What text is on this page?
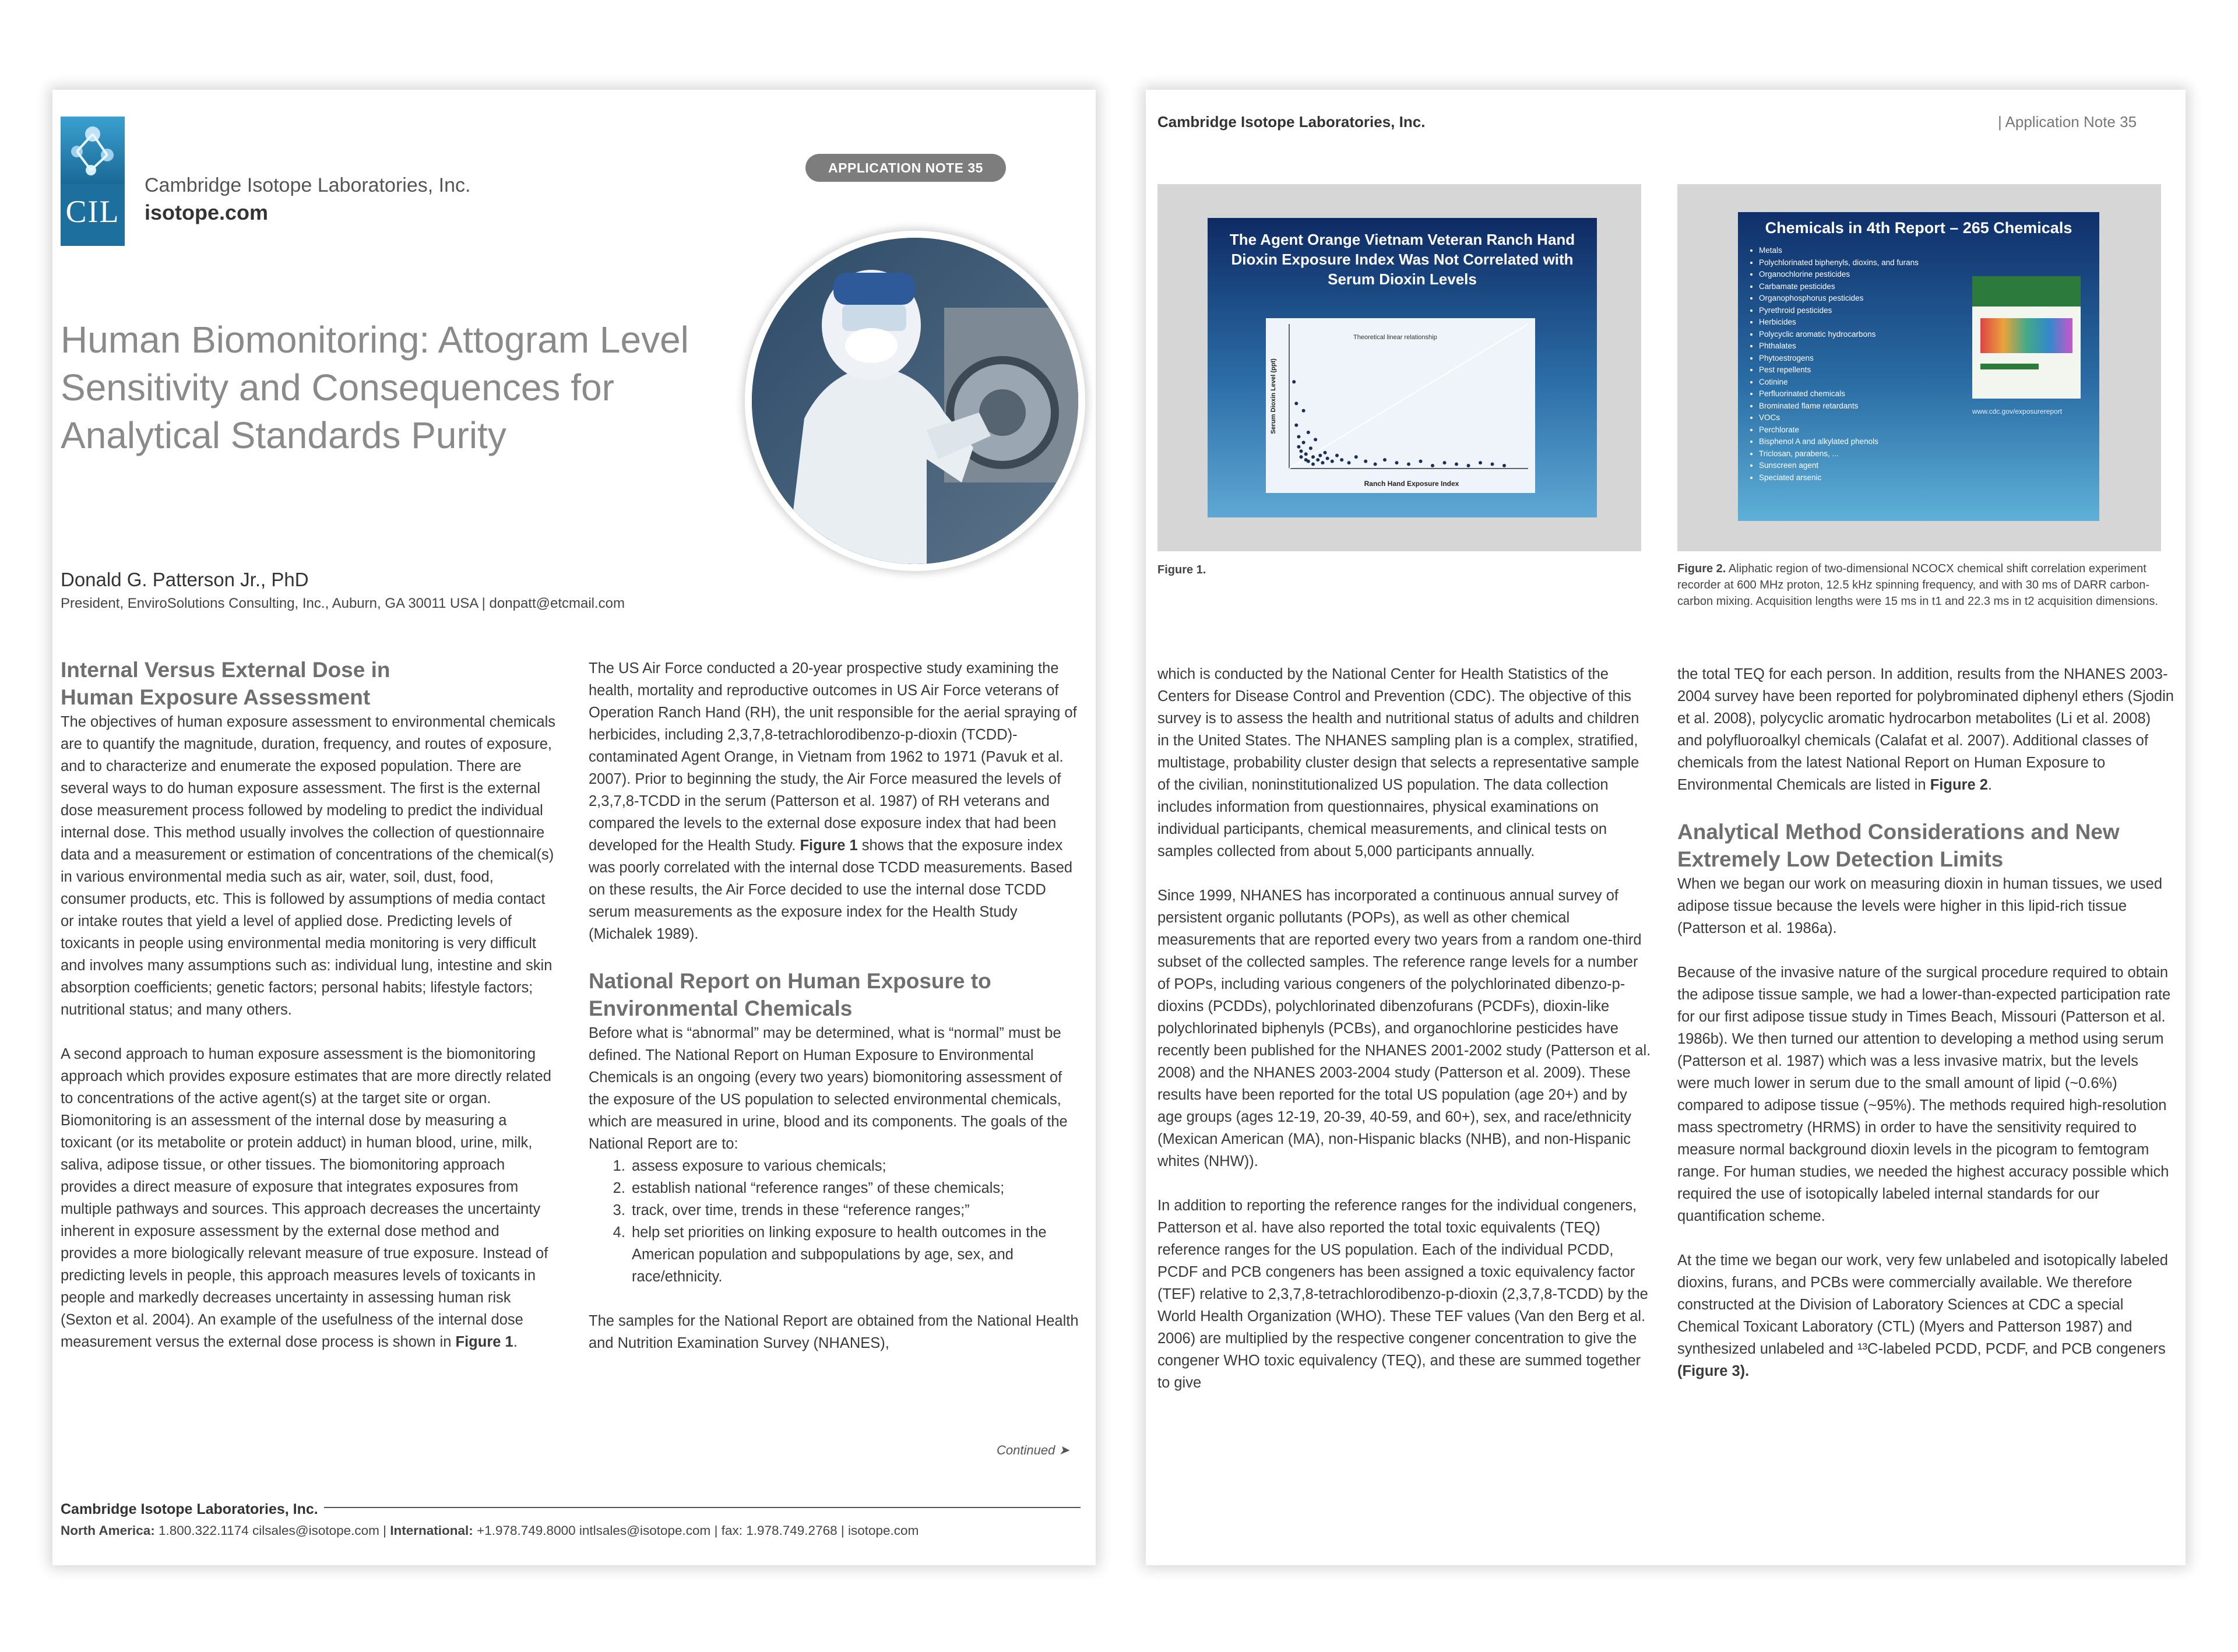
CIL
Cambridge Isotope Laboratories, Inc.
isotope.com
APPLICATION NOTE 35
Human Biomonitoring: Attogram Level Sensitivity and Consequences for Analytical Standards Purity
Donald G. Patterson Jr., PhD
President, EnviroSolutions Consulting, Inc., Auburn, GA 30011 USA | donpatt@etcmail.com
Internal Versus External Dose in Human Exposure Assessment

The objectives of human exposure assessment to environmental chemicals are to quantify the magnitude, duration, frequency, and routes of exposure, and to characterize and enumerate the exposed population. There are several ways to do human exposure assessment. The first is the external dose measurement process followed by modeling to predict the individual internal dose. This method usually involves the collection of questionnaire data and a measurement or estimation of concentrations of the chemical(s) in various environmental media such as air, water, soil, dust, food, consumer products, etc. This is followed by assumptions of media contact or intake routes that yield a level of applied dose. Predicting levels of toxicants in people using environmental media monitoring is very difficult and involves many assumptions such as: individual lung, intestine and skin absorption coefficients; genetic factors; personal habits; lifestyle factors; nutritional status; and many others.

A second approach to human exposure assessment is the biomonitoring approach which provides exposure estimates that are more directly related to concentrations of the active agent(s) at the target site or organ. Biomonitoring is an assessment of the internal dose by measuring a toxicant (or its metabolite or protein adduct) in human blood, urine, milk, saliva, adipose tissue, or other tissues. The biomonitoring approach provides a direct measure of exposure that integrates exposures from multiple pathways and sources. This approach decreases the uncertainty inherent in exposure assessment by the external dose method and provides a more biologically relevant measure of true exposure. Instead of predicting levels in people, this approach measures levels of toxicants in people and markedly decreases uncertainty in assessing human risk (Sexton et al. 2004). An example of the usefulness of the internal dose measurement versus the external dose process is shown in Figure 1.

The US Air Force conducted a 20-year prospective study examining the health, mortality and reproductive outcomes in US Air Force veterans of Operation Ranch Hand (RH), the unit responsible for the aerial spraying of herbicides, including 2,3,7,8-tetrachlorodibenzo-p-dioxin (TCDD)-contaminated Agent Orange, in Vietnam from 1962 to 1971 (Pavuk et al. 2007). Prior to beginning the study, the Air Force measured the levels of 2,3,7,8-TCDD in the serum (Patterson et al. 1987) of RH veterans and compared the levels to the external dose exposure index that had been developed for the Health Study. Figure 1 shows that the exposure index was poorly correlated with the internal dose TCDD measurements. Based on these results, the Air Force decided to use the internal dose TCDD serum measurements as the exposure index for the Health Study (Michalek 1989).

National Report on Human Exposure to Environmental Chemicals

Before what is “abnormal” may be determined, what is “normal” must be defined. The National Report on Human Exposure to Environmental Chemicals is an ongoing (every two years) biomonitoring assessment of the exposure of the US population to selected environmental chemicals, which are measured in urine, blood and its components. The goals of the National Report are to:

1. assess exposure to various chemicals;
2. establish national “reference ranges” of these chemicals;
3. track, over time, trends in these “reference ranges;”
4. help set priorities on linking exposure to health outcomes in the American population and subpopulations by age, sex, and race/ethnicity.

The samples for the National Report are obtained from the National Health and Nutrition Examination Survey (NHANES),

Continued ➤
Cambridge Isotope Laboratories, Inc.
North America: 1.800.322.1174 cilsales@isotope.com | International: +1.978.749.8000 intlsales@isotope.com | fax: 1.978.749.2768 | isotope.com
Cambridge Isotope Laboratories, Inc.	| Application Note 35
The Agent Orange Vietnam Veteran Ranch Hand Dioxin Exposure Index Was Not Correlated with Serum Dioxin Levels
Theoretical linear relationship
Ranch Hand Exposure Index
Serum Dioxin Level (ppt)
Figure 1.
Chemicals in 4th Report – 265 Chemicals
• Metals
• Polychlorinated biphenyls, dioxins, and furans
• Organochlorine pesticides
• Carbamate pesticides
• Organophosphorus pesticides
• Pyrethroid pesticides
• Herbicides
• Polycyclic aromatic hydrocarbons
• Phthalates
• Phytoestrogens
• Pest repellents
• Cotinine
• Perfluorinated chemicals
• Brominated flame retardants
• VOCs
• Perchlorate
• Bisphenol A and alkylated phenols
• Triclosan, parabens, ...
• Sunscreen agent
• Speciated arsenic
www.cdc.gov/exposurereport
Figure 2. Aliphatic region of two-dimensional NCOCX chemical shift correlation experiment recorder at 600 MHz proton, 12.5 kHz spinning frequency, and with 30 ms of DARR carbon-carbon mixing. Acquisition lengths were 15 ms in t1 and 22.3 ms in t2 acquisition dimensions.

which is conducted by the National Center for Health Statistics of the Centers for Disease Control and Prevention (CDC). The objective of this survey is to assess the health and nutritional status of adults and children in the United States. The NHANES sampling plan is a complex, stratified, multistage, probability cluster design that selects a representative sample of the civilian, noninstitutionalized US population. The data collection includes information from questionnaires, physical examinations on individual participants, chemical measurements, and clinical tests on samples collected from about 5,000 participants annually.

Since 1999, NHANES has incorporated a continuous annual survey of persistent organic pollutants (POPs), as well as other chemical measurements that are reported every two years from a random one-third subset of the collected samples. The reference range levels for a number of POPs, including various congeners of the polychlorinated dibenzo-p-dioxins (PCDDs), polychlorinated dibenzofurans (PCDFs), dioxin-like polychlorinated biphenyls (PCBs), and organochlorine pesticides have recently been published for the NHANES 2001-2002 study (Patterson et al. 2008) and the NHANES 2003-2004 study (Patterson et al. 2009). These results have been reported for the total US population (age 20+) and by age groups (ages 12-19, 20-39, 40-59, and 60+), sex, and race/ethnicity (Mexican American (MA), non-Hispanic blacks (NHB), and non-Hispanic whites (NHW)).

In addition to reporting the reference ranges for the individual congeners, Patterson et al. have also reported the total toxic equivalents (TEQ) reference ranges for the US population. Each of the individual PCDD, PCDF and PCB congeners has been assigned a toxic equivalency factor (TEF) relative to 2,3,7,8-tetrachlorodibenzo-p-dioxin (2,3,7,8-TCDD) by the World Health Organization (WHO). These TEF values (Van den Berg et al. 2006) are multiplied by the respective congener concentration to give the congener WHO toxic equivalency (TEQ), and these are summed together to give

the total TEQ for each person. In addition, results from the NHANES 2003-2004 survey have been reported for polybrominated diphenyl ethers (Sjodin et al. 2008), polycyclic aromatic hydrocarbon metabolites (Li et al. 2008) and polyfluoroalkyl chemicals (Calafat et al. 2007). Additional classes of chemicals from the latest National Report on Human Exposure to Environmental Chemicals are listed in Figure 2.

Analytical Method Considerations and New Extremely Low Detection Limits

When we began our work on measuring dioxin in human tissues, we used adipose tissue because the levels were higher in this lipid-rich tissue (Patterson et al. 1986a).

Because of the invasive nature of the surgical procedure required to obtain the adipose tissue sample, we had a lower-than-expected participation rate for our first adipose tissue study in Times Beach, Missouri (Patterson et al. 1986b). We then turned our attention to developing a method using serum (Patterson et al. 1987) which was a less invasive matrix, but the levels were much lower in serum due to the small amount of lipid (~0.6%) compared to adipose tissue (~95%). The methods required high-resolution mass spectrometry (HRMS) in order to have the sensitivity required to measure normal background dioxin levels in the picogram to femtogram range. For human studies, we needed the highest accuracy possible which required the use of isotopically labeled internal standards for our quantification scheme.

At the time we began our work, very few unlabeled and isotopically labeled dioxins, furans, and PCBs were commercially available. We therefore constructed at the Division of Laboratory Sciences at CDC a special Chemical Toxicant Laboratory (CTL) (Myers and Patterson 1987) and synthesized unlabeled and ¹³C-labeled PCDD, PCDF, and PCB congeners (Figure 3).
